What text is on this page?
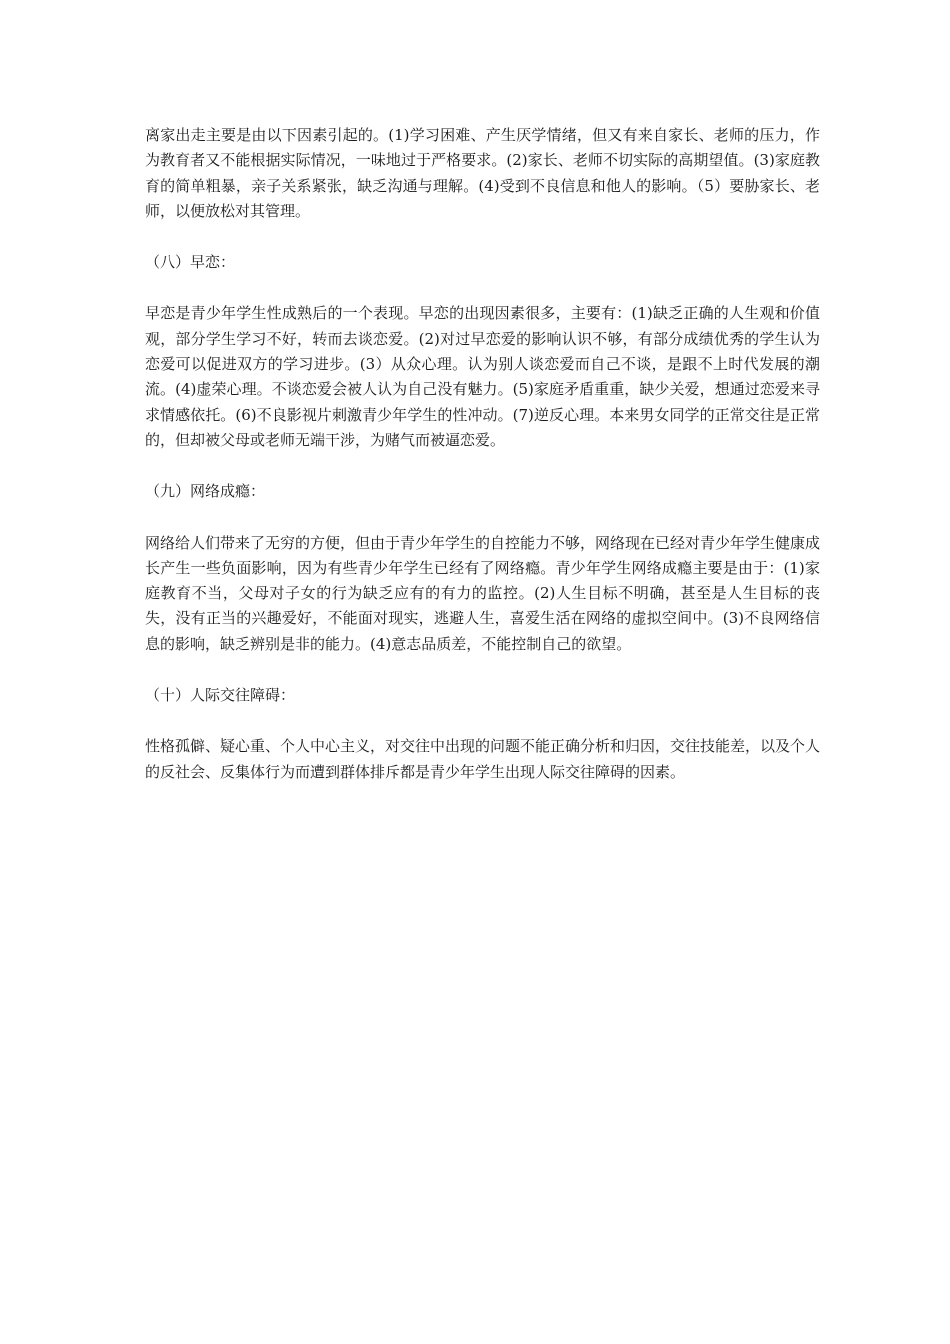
离家出走主要是由以下因素引起的。(1)学习困难、产生厌学情绪，但又有来自家长、老师的压力，作为教育者又不能根据实际情况，一味地过于严格要求。(2)家长、老师不切实际的高期望值。(3)家庭教育的简单粗暴，亲子关系紧张，缺乏沟通与理解。(4)受到不良信息和他人的影响。（5）要胁家长、老师，以便放松对其管理。

（八）早恋：

早恋是青少年学生性成熟后的一个表现。早恋的出现因素很多，主要有：(1)缺乏正确的人生观和价值观，部分学生学习不好，转而去谈恋爱。(2)对过早恋爱的影响认识不够，有部分成绩优秀的学生认为恋爱可以促进双方的学习进步。(3）从众心理。认为别人谈恋爱而自己不谈，是跟不上时代发展的潮流。(4)虚荣心理。不谈恋爱会被人认为自己没有魅力。(5)家庭矛盾重重，缺少关爱，想通过恋爱来寻求情感依托。(6)不良影视片刺激青少年学生的性冲动。(7)逆反心理。本来男女同学的正常交往是正常的，但却被父母或老师无端干涉，为赌气而被逼恋爱。

（九）网络成瘾：

网络给人们带来了无穷的方便，但由于青少年学生的自控能力不够，网络现在已经对青少年学生健康成长产生一些负面影响，因为有些青少年学生已经有了网络瘾。青少年学生网络成瘾主要是由于：(1)家庭教育不当，父母对子女的行为缺乏应有的有力的监控。(2)人生目标不明确，甚至是人生目标的丧失，没有正当的兴趣爱好，不能面对现实，逃避人生，喜爱生活在网络的虚拟空间中。(3)不良网络信息的影响，缺乏辨别是非的能力。(4)意志品质差，不能控制自己的欲望。

（十）人际交往障碍：

性格孤僻、疑心重、个人中心主义，对交往中出现的问题不能正确分析和归因，交往技能差，以及个人的反社会、反集体行为而遭到群体排斥都是青少年学生出现人际交往障碍的因素。
